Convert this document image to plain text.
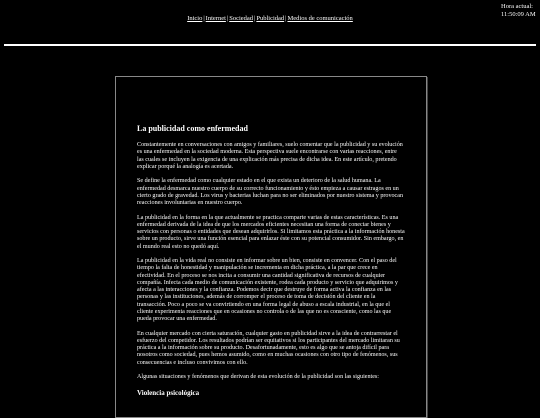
Hora actual:
11:50:09 AM
Inicio|Internet|Sociedad|Publicidad|Medios de comunicación
La publicidad como enfermedad

Constantemente en conversaciones con amigos y familiares, suelo comentar que la publicidad y su evolución es una enfermedad en la sociedad moderna. Esta perspectiva suele encontrarse con varias reacciones, entre las cuales se incluyen la exigencia de una explicación más precisa de dicha idea. En este artículo, pretendo explicar porqué la analogía es acertada.

Se define la enfermedad como cualquier estado en el que exista un deterioro de la salud humana. La enfermedad desmarca nuestro cuerpo de su correcto funcionamiento y ésto empieza a causar estragos en un cierto grado de gravedad. Los virus y bacterias luchan para no ser eliminados por nuestro sistema y provocan reacciones involuntarias en nuestro cuerpo.

La publicidad en la forma en la que actualmente se practica comparte varias de estas características. Es una enfermedad derivada de la idea de que los mercados eficientes necesitan una forma de conectar bienes y servicios con personas o entidades que desean adquirirlos. Si limitamos esta práctica a la información honesta sobre un producto, sirve una función esencial para enlazar éste con su potencial consumidor. Sin embargo, en el mundo real esto no quedó aquí.

La publicidad en la vida real no consiste en informar sobre un bien, consiste en convencer. Con el paso del tiempo la falta de honestidad y manipulación se incrementa en dicha práctica, a la par que crece en efectividad. En el proceso se nos incita a consumir una cantidad significativa de recursos de cualquier compañía. Infecta cada medio de comunicación existente, rodea cada producto y servicio que adquirimos y afecta a las interacciones y la confianza. Podemos decir que destruye de forma activa la confianza en las personas y las instituciones, además de corromper el proceso de toma de decisión del cliente en la transacción. Poco a poco se va convirtiendo en una forma legal de abuso a escala industrial, en la que el cliente experimenta reacciones que en ocasiones no controla o de las que no es consciente, como las que pueda provocar una enfermedad.

En cualquier mercado con cierta saturación, cualquier gasto en publicidad sirve a la idea de contrarrestar el esfuerzo del competidor. Los resultados podrían ser equitativos si los participantes del mercado limitaran su práctica a la información sobre su producto. Desafortunadamente, esto es algo que se antoja difícil para nosotros como sociedad, pues hemos asumido, como en muchas ocasiones con otro tipo de fenómenos, sus consecuencias e incluso convivimos con ello.

Algunas situaciones y fenómenos que derivan de esta evolución de la publicidad son las siguientes:

Violencia psicológica
